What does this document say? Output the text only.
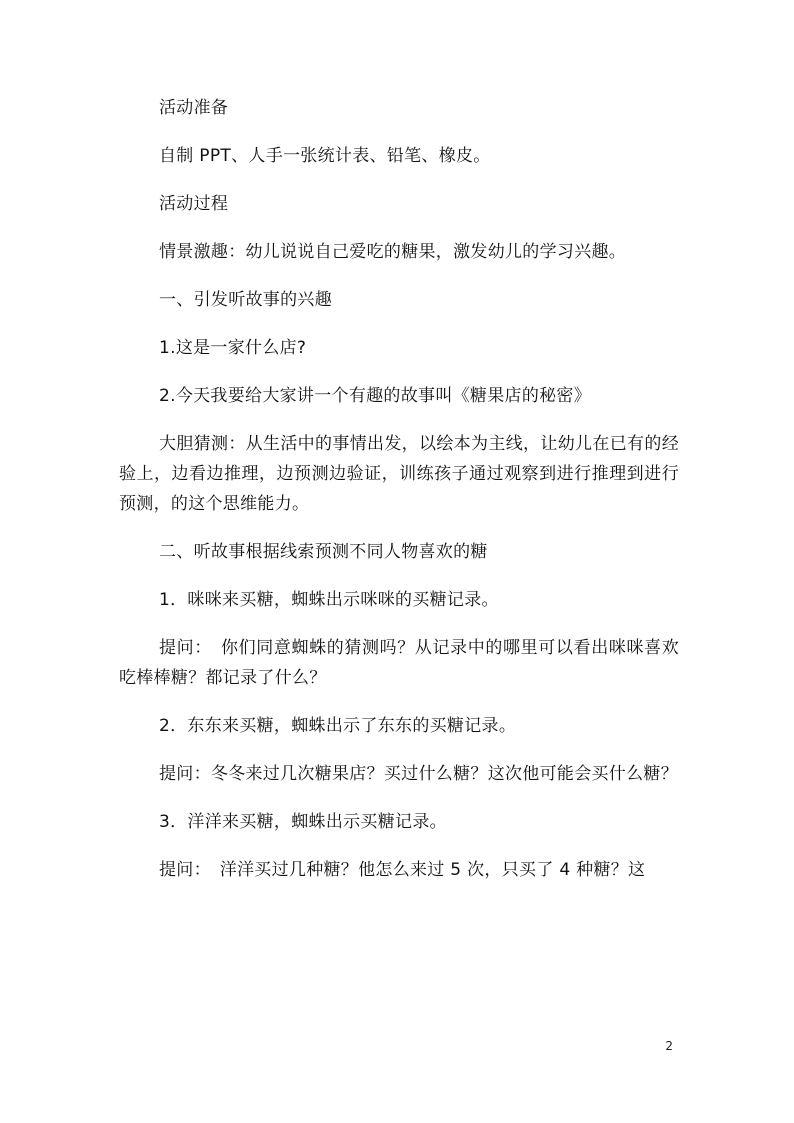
活动准备

自制 PPT、人手一张统计表、铅笔、橡皮。

活动过程

情景激趣：幼儿说说自己爱吃的糖果，激发幼儿的学习兴趣。

一、引发听故事的兴趣

1.这是一家什么店?

2.今天我要给大家讲一个有趣的故事叫《糖果店的秘密》

大胆猜测：从生活中的事情出发，以绘本为主线，让幼儿在已有的经验上，边看边推理，边预测边验证，训练孩子通过观察到进行推理到进行预测，的这个思维能力。

二、听故事根据线索预测不同人物喜欢的糖

1．咪咪来买糖，蜘蛛出示咪咪的买糖记录。

提问：　你们同意蜘蛛的猜测吗？从记录中的哪里可以看出咪咪喜欢吃棒棒糖？都记录了什么？

2．东东来买糖，蜘蛛出示了东东的买糖记录。

提问：冬冬来过几次糖果店？买过什么糖？这次他可能会买什么糖？

3．洋洋来买糖，蜘蛛出示买糖记录。

提问：　洋洋买过几种糖？他怎么来过 5 次，只买了 4 种糖？这

2
